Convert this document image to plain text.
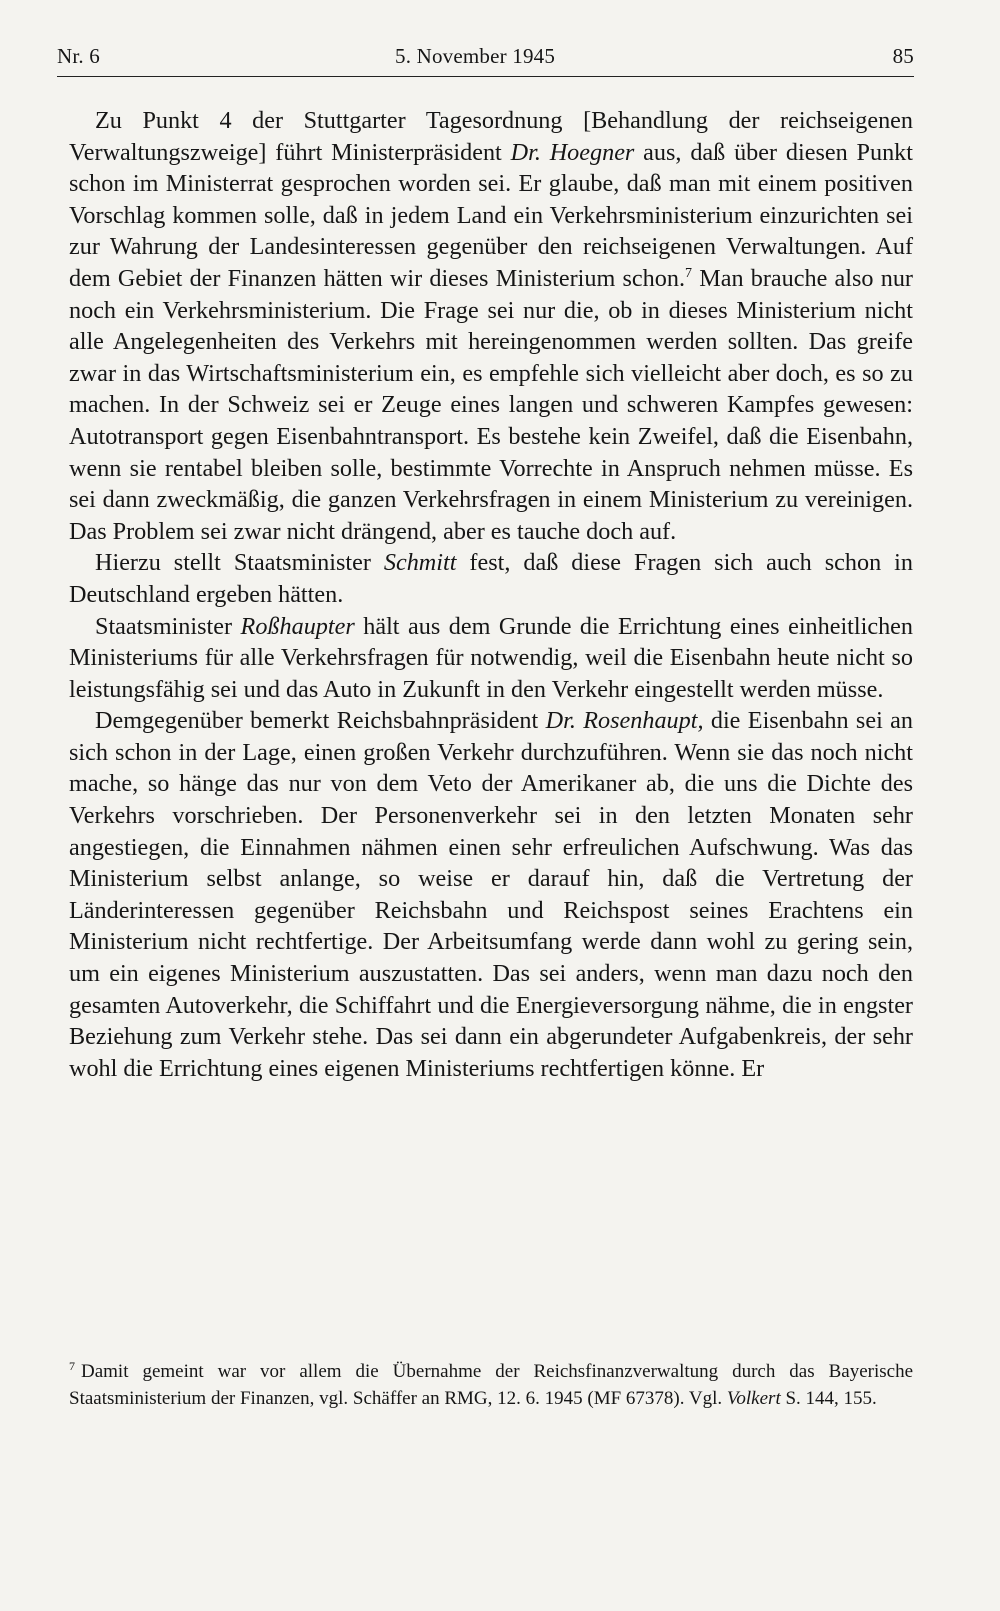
Nr. 6	5. November 1945	85

Zu Punkt 4 der Stuttgarter Tagesordnung [Behandlung der reichseigenen Verwaltungszweige] führt Ministerpräsident Dr. Hoegner aus, daß über diesen Punkt schon im Ministerrat gesprochen worden sei. Er glaube, daß man mit einem positiven Vorschlag kommen solle, daß in jedem Land ein Verkehrsministerium einzurichten sei zur Wahrung der Landesinteressen gegenüber den reichseigenen Verwaltungen. Auf dem Gebiet der Finanzen hätten wir dieses Ministerium schon.$^7$ Man brauche also nur noch ein Verkehrsministerium. Die Frage sei nur die, ob in dieses Ministerium nicht alle Angelegenheiten des Verkehrs mit hereingenommen werden sollten. Das greife zwar in das Wirtschaftsministerium ein, es empfehle sich vielleicht aber doch, es so zu machen. In der Schweiz sei er Zeuge eines langen und schweren Kampfes gewesen: Autotransport gegen Eisenbahntransport. Es bestehe kein Zweifel, daß die Eisenbahn, wenn sie rentabel bleiben solle, bestimmte Vorrechte in Anspruch nehmen müsse. Es sei dann zweckmäßig, die ganzen Verkehrsfragen in einem Ministerium zu vereinigen. Das Problem sei zwar nicht drängend, aber es tauche doch auf.

Hierzu stellt Staatsminister Schmitt fest, daß diese Fragen sich auch schon in Deutschland ergeben hätten.

Staatsminister Roßhaupter hält aus dem Grunde die Errichtung eines einheitlichen Ministeriums für alle Verkehrsfragen für notwendig, weil die Eisenbahn heute nicht so leistungsfähig sei und das Auto in Zukunft in den Verkehr eingestellt werden müsse.

Demgegenüber bemerkt Reichsbahnpräsident Dr. Rosenhaupt, die Eisenbahn sei an sich schon in der Lage, einen großen Verkehr durchzuführen. Wenn sie das noch nicht mache, so hänge das nur von dem Veto der Amerikaner ab, die uns die Dichte des Verkehrs vorschrieben. Der Personenverkehr sei in den letzten Monaten sehr angestiegen, die Einnahmen nähmen einen sehr erfreulichen Aufschwung. Was das Ministerium selbst anlange, so weise er darauf hin, daß die Vertretung der Länderinteressen gegenüber Reichsbahn und Reichspost seines Erachtens ein Ministerium nicht rechtfertige. Der Arbeitsumfang werde dann wohl zu gering sein, um ein eigenes Ministerium auszustatten. Das sei anders, wenn man dazu noch den gesamten Autoverkehr, die Schiffahrt und die Energieversorgung nähme, die in engster Beziehung zum Verkehr stehe. Das sei dann ein abgerundeter Aufgabenkreis, der sehr wohl die Errichtung eines eigenen Ministeriums rechtfertigen könne. Er

$^7$ Damit gemeint war vor allem die Übernahme der Reichsfinanzverwaltung durch das Bayerische Staatsministerium der Finanzen, vgl. Schäffer an RMG, 12. 6. 1945 (MF 67378). Vgl. Volkert S. 144, 155.
